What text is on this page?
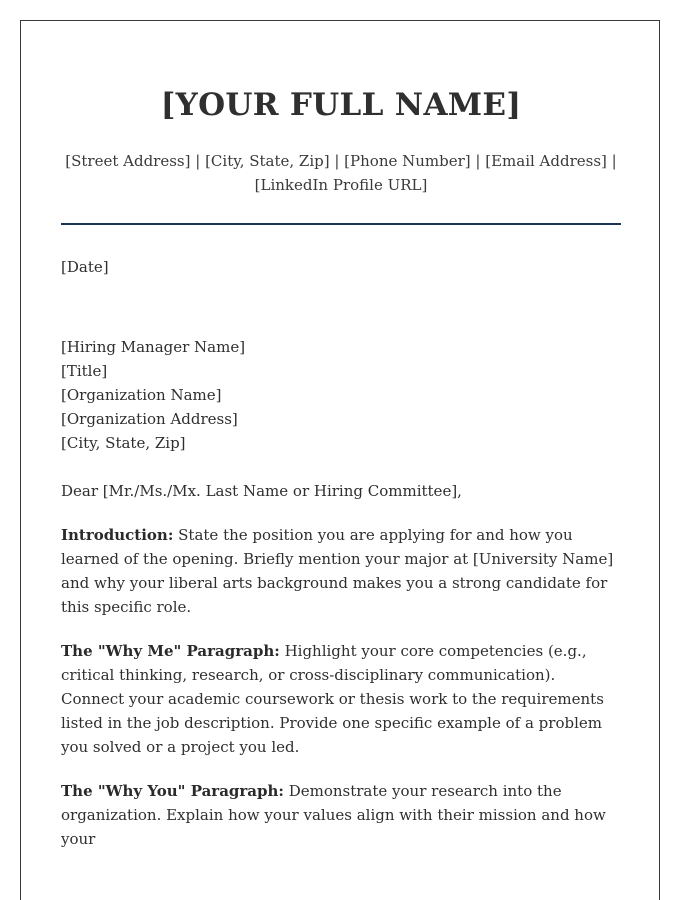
[YOUR FULL NAME]
[Street Address] | [City, State, Zip] | [Phone Number] | [Email Address] |
[LinkedIn Profile URL]
[Date]
[Hiring Manager Name]
[Title]
[Organization Name]
[Organization Address]
[City, State, Zip]
Dear [Mr./Ms./Mx. Last Name or Hiring Committee],
Introduction: State the position you are applying for and how you learned of the opening. Briefly mention your major at [University Name] and why your liberal arts background makes you a strong candidate for this specific role.
The "Why Me" Paragraph: Highlight your core competencies (e.g., critical thinking, research, or cross-disciplinary communication). Connect your academic coursework or thesis work to the requirements listed in the job description. Provide one specific example of a problem you solved or a project you led.
The "Why You" Paragraph: Demonstrate your research into the organization. Explain how your values align with their mission and how your
